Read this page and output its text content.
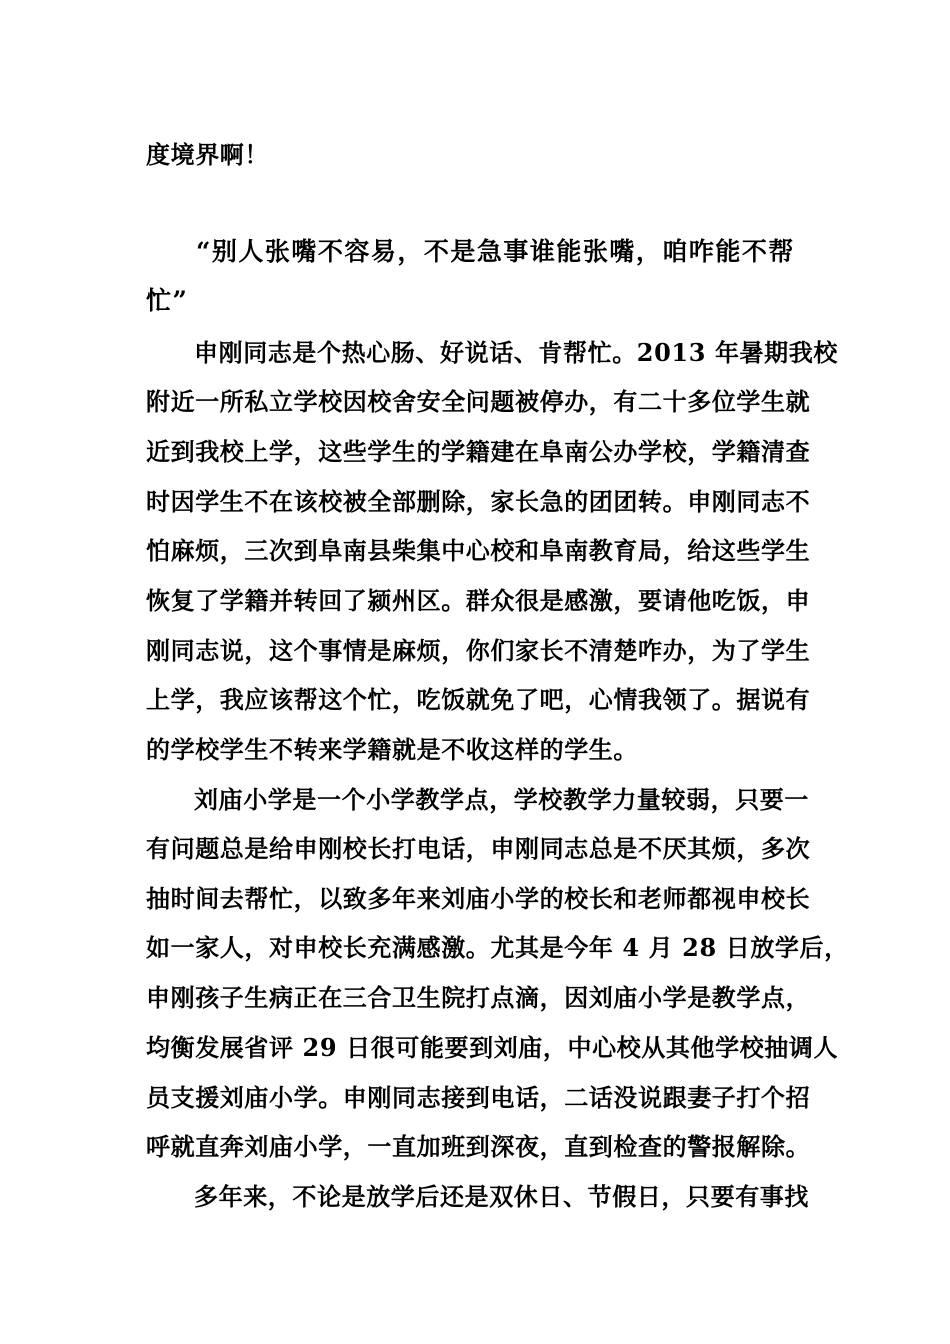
度境界啊！
“别人张嘴不容易，不是急事谁能张嘴，咱咋能不帮
忙”
申刚同志是个热心肠、好说话、肯帮忙。2013 年暑期我校
附近一所私立学校因校舍安全问题被停办，有二十多位学生就
近到我校上学，这些学生的学籍建在阜南公办学校，学籍清查
时因学生不在该校被全部删除，家长急的团团转。申刚同志不
怕麻烦，三次到阜南县柴集中心校和阜南教育局，给这些学生
恢复了学籍并转回了颍州区。群众很是感激，要请他吃饭，申
刚同志说，这个事情是麻烦，你们家长不清楚咋办，为了学生
上学，我应该帮这个忙，吃饭就免了吧，心情我领了。据说有
的学校学生不转来学籍就是不收这样的学生。
刘庙小学是一个小学教学点，学校教学力量较弱，只要一
有问题总是给申刚校长打电话，申刚同志总是不厌其烦，多次
抽时间去帮忙，以致多年来刘庙小学的校长和老师都视申校长
如一家人，对申校长充满感激。尤其是今年 4 月 28 日放学后，
申刚孩子生病正在三合卫生院打点滴，因刘庙小学是教学点，
均衡发展省评 29 日很可能要到刘庙，中心校从其他学校抽调人
员支援刘庙小学。申刚同志接到电话，二话没说跟妻子打个招
呼就直奔刘庙小学，一直加班到深夜，直到检查的警报解除。
多年来，不论是放学后还是双休日、节假日，只要有事找
